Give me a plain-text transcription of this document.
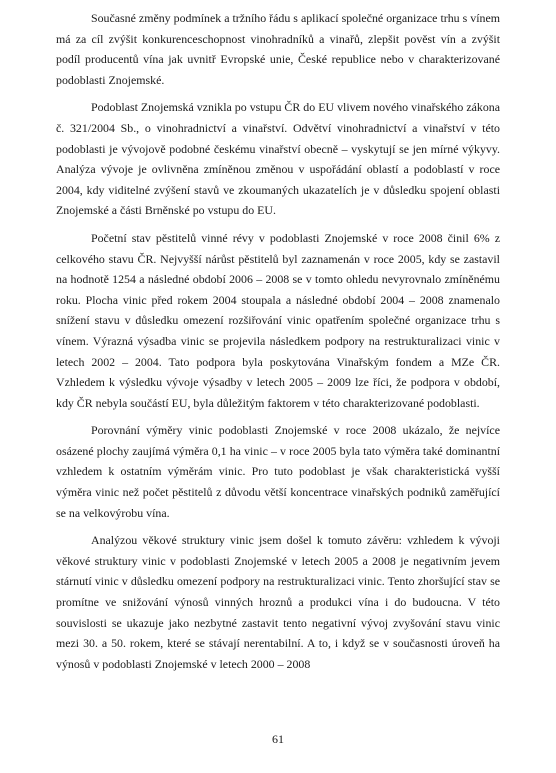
Současné změny podmínek a tržního řádu s aplikací společné organizace trhu s vínem má za cíl zvýšit konkurenceschopnost vinohradníků a vinařů, zlepšit pověst vín a zvýšit podíl producentů vína jak uvnitř Evropské unie, České republice nebo v charakterizované podoblasti Znojemské.

Podoblast Znojemská vznikla po vstupu ČR do EU vlivem nového vinařského zákona č. 321/2004 Sb., o vinohradnictví a vinařství. Odvětví vinohradnictví a vinařství v této podoblasti je vývojově podobné českému vinařství obecně – vyskytují se jen mírné výkyvy. Analýza vývoje je ovlivněna zmíněnou změnou v uspořádání oblastí a podoblastí v roce 2004, kdy viditelné zvýšení stavů ve zkoumaných ukazatelích je v důsledku spojení oblasti Znojemské a části Brněnské po vstupu do EU.

Početní stav pěstitelů vinné révy v podoblasti Znojemské v roce 2008 činil 6% z celkového stavu ČR. Nejvyšší nárůst pěstitelů byl zaznamenán v roce 2005, kdy se zastavil na hodnotě 1254 a následné období 2006 – 2008 se v tomto ohledu nevyrovnalo zmíněnému roku. Plocha vinic před rokem 2004 stoupala a následné období 2004 – 2008 znamenalo snížení stavu v důsledku omezení rozšiřování vinic opatřením společné organizace trhu s vínem. Výrazná výsadba vinic se projevila následkem podpory na restrukturalizaci vinic v letech 2002 – 2004. Tato podpora byla poskytována Vinařským fondem a MZe ČR. Vzhledem k výsledku vývoje výsadby v letech 2005 – 2009 lze říci, že podpora v období, kdy ČR nebyla součástí EU, byla důležitým faktorem v této charakterizované podoblasti.

Porovnání výměry vinic podoblasti Znojemské v roce 2008 ukázalo, že nejvíce osázené plochy zaujímá výměra 0,1 ha vinic – v roce 2005 byla tato výměra také dominantní vzhledem k ostatním výměrám vinic. Pro tuto podoblast je však charakteristická vyšší výměra vinic než počet pěstitelů z důvodu větší koncentrace vinařských podniků zaměřující se na velkovýrobu vína.

Analýzou věkové struktury vinic jsem došel k tomuto závěru: vzhledem k vývoji věkové struktury vinic v podoblasti Znojemské v letech 2005 a 2008 je negativním jevem stárnutí vinic v důsledku omezení podpory na restrukturalizaci vinic. Tento zhoršující stav se promítne ve snižování výnosů vinných hroznů a produkci vína i do budoucna. V této souvislosti se ukazuje jako nezbytné zastavit tento negativní vývoj zvyšování stavu vinic mezi 30. a 50. rokem, které se stávají nerentabilní. A to, i když se v současnosti úroveň ha výnosů v podoblasti Znojemské v letech 2000 – 2008

61
